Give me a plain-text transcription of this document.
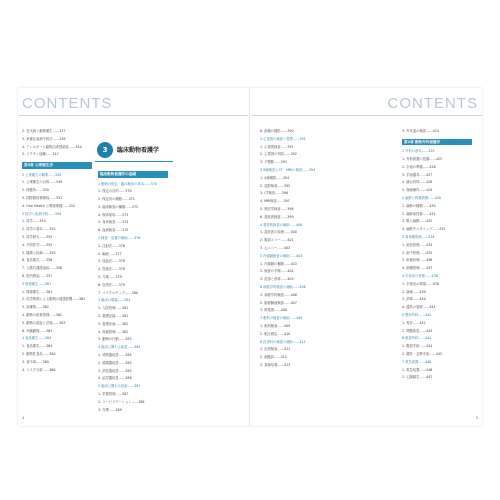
CONTENTS
2. 狂犬病と動物衛生……337
3. 家畜伝染病予防法……338
4. アレルギーと動物由来感染症……344
5. ワクチン接種……347
第5章 公衆衛生学
1 公衆衛生の概要……349
1. 公衆衛生の目的……349
2. 保健所……350
3. 国際獣疫事務局……351
4. One Health と環境保健……352
2 疫学と疾病予防……354
1. 疫学……354
2. 疫学の基本……354
3. 疫学研究……355
4. 予防医学……355
5. 健康と疾病……355
6. 食品衛生……356
7. 人獣共通感染症……356
8. 院内感染……357
3 環境衛生……361
1. 環境衛生……361
2. 化学物質による動物の健康影響……362
3. 廃棄物……362
4. 動物の飼育管理……362
5. 動物の福祉と法規……363
6. 実験動物……363
4 食品衛生……364
1. 食品衛生……364
2. 動物性食品……364
3. 食中毒……365
4. リスク分析……366
3	臨床動物看護学
臨床動物看護学の基礎
1 動物の保定・臨床検査の基本……370
1. 保定の目的……370
2. 保定具の種類……371
3. 臨床検査の種類……372
4. 検体採取……373
5. 身体検査……374
6. 血液検査……375
2 検査・処置の補助……376
1. 注射法……376
2. 輸液……377
3. 採血法……378
4. 投薬法……378
5. 与薬……379
6. 包帯法……379
7. マイクロチップ……380
3 臨床の現場……381
1. 入院管理……381
2. 看護記録……381
3. 看護計画……382
4. 疼痛管理……382
5. 動物の行動……383
4 臨床に関わる疾患……384
1. 呼吸器疾患……384
2. 循環器疾患……385
3. 消化器疾患……385
4. 泌尿器疾患……386
5 臨床に関わる技術……387
1. 栄養管理……387
2. リハビリテーション……388
3. 介護……389
4
CONTENTS
6. 画像の撮影……390
2 心電図の検査と看護……391
1. 心電図検査……391
2. 心電図の判読……392
3. 不整脈……393
3 X線検査とCT・MRIの検査……394
1. X線撮影……394
2. 造影検査……395
3. CT検査……396
4. MRI検査……397
5. 核医学検査……398
6. 超音波検査……399
4 超音波検査の補助……400
1. 超音波の原理……400
2. 腹部エコー……401
3. 心エコー……402
5 内視鏡検査の補助……403
1. 内視鏡の種類……403
2. 検査の手順……404
3. 洗浄と消毒……405
6 神経学的検査の補助……406
1. 神経学的検査……406
2. 脳脊髄液検査……407
3. 筋電図……408
7 眼科の検査の補助……409
1. 眼科検査……409
2. 眼圧測定……410
8 皮膚科の検査の補助……411
1. 皮膚検査……411
2. 細胞診……412
3. 真菌培養……413
3. 外耳道の検査……424
第2章 動物外科看護学
1 外科の基本……425
1. 外科看護の役割……425
2. 手術の準備……426
3. 手術器具……427
4. 縫合材料……428
5. 無菌操作……429
2 麻酔と疼痛管理……430
1. 麻酔の種類……430
2. 麻酔前投薬……431
3. 吸入麻酔……432
4. 麻酔モニタリング……433
3 周術期管理……434
1. 術前管理……434
2. 術中管理……435
3. 術後管理……436
4. 創傷管理……437
4 手術室の管理……438
1. 手術室の環境……438
2. 滅菌……439
3. 消毒……440
4. 器具の管理……441
5 整形外科……442
1. 骨折……442
2. 関節疾患……443
6 軟部外科……444
1. 腹部手術……444
2. 避妊・去勢手術……445
7 救急看護……446
1. 救急処置……446
2. 心肺蘇生……447
5
